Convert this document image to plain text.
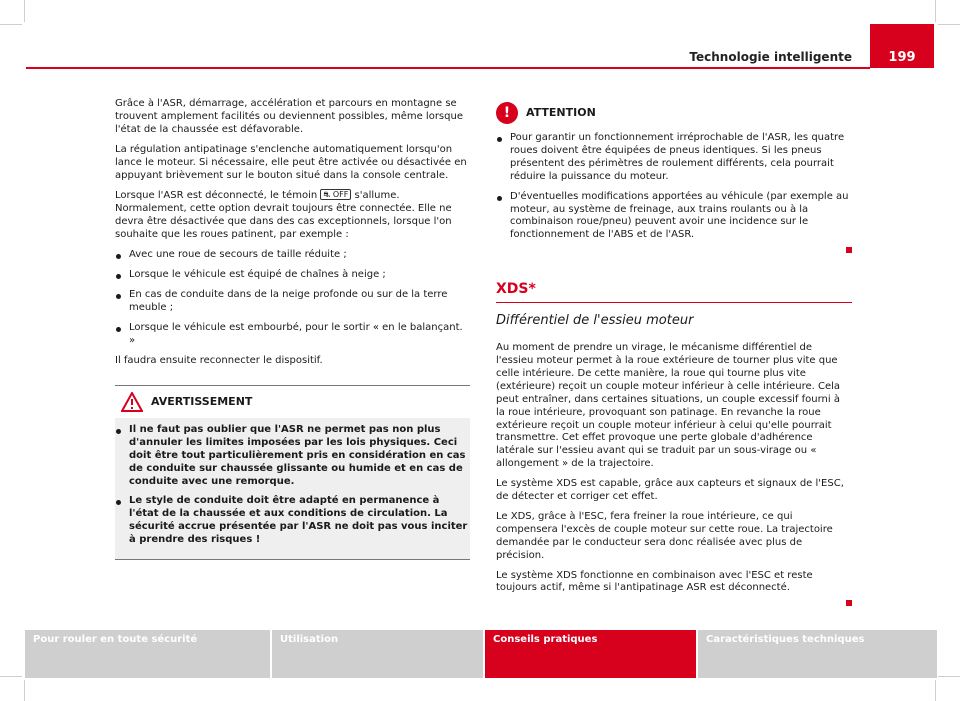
Technologie intelligente	199

Grâce à l'ASR, démarrage, accélération et parcours en montagne se trouvent amplement facilités ou deviennent possibles, même lorsque l'état de la chaussée est défavorable.

La régulation antipatinage s'enclenche automatiquement lorsqu'on lance le moteur. Si nécessaire, elle peut être activée ou désactivée en appuyant brièvement sur le bouton situé dans la console centrale.

Lorsque l'ASR est déconnecté, le témoin ⛐ OFF s'allume. Normalement, cette option devrait toujours être connectée. Elle ne devra être désactivée que dans des cas exceptionnels, lorsque l'on souhaite que les roues patinent, par exemple :

Avec une roue de secours de taille réduite ;
Lorsque le véhicule est équipé de chaînes à neige ;
En cas de conduite dans de la neige profonde ou sur de la terre meuble ;
Lorsque le véhicule est embourbé, pour le sortir « en le balançant. »

Il faudra ensuite reconnecter le dispositif.

AVERTISSEMENT
Il ne faut pas oublier que l'ASR ne permet pas non plus d'annuler les limites imposées par les lois physiques. Ceci doit être tout particulièrement pris en considération en cas de conduite sur chaussée glissante ou humide et en cas de conduite avec une remorque.
Le style de conduite doit être adapté en permanence à l'état de la chaussée et aux conditions de circulation. La sécurité accrue présentée par l'ASR ne doit pas vous inciter à prendre des risques !
!	ATTENTION
Pour garantir un fonctionnement irréprochable de l'ASR, les quatre roues doivent être équipées de pneus identiques. Si les pneus présentent des périmètres de roulement différents, cela pourrait réduire la puissance du moteur.
D'éventuelles modifications apportées au véhicule (par exemple au moteur, au système de freinage, aux trains roulants ou à la combinaison roue/pneu) peuvent avoir une incidence sur le fonctionnement de l'ABS et de l'ASR.
XDS*
Différentiel de l'essieu moteur

Au moment de prendre un virage, le mécanisme différentiel de l'essieu moteur permet à la roue extérieure de tourner plus vite que celle intérieure. De cette manière, la roue qui tourne plus vite (extérieure) reçoit un couple moteur inférieur à celle intérieure. Cela peut entraîner, dans certaines situations, un couple excessif fourni à la roue intérieure, provoquant son patinage. En revanche la roue extérieure reçoit un couple moteur inférieur à celui qu'elle pourrait transmettre. Cet effet provoque une perte globale d'adhérence latérale sur l'essieu avant qui se traduit par un sous-virage ou « allongement » de la trajectoire.

Le système XDS est capable, grâce aux capteurs et signaux de l'ESC, de détecter et corriger cet effet.

Le XDS, grâce à l'ESC, fera freiner la roue intérieure, ce qui compensera l'excès de couple moteur sur cette roue. La trajectoire demandée par le conducteur sera donc réalisée avec plus de précision.

Le système XDS fonctionne en combinaison avec l'ESC et reste toujours actif, même si l'antipatinage ASR est déconnecté.

Pour rouler en toute sécurité	Utilisation	Conseils pratiques	Caractéristiques techniques
